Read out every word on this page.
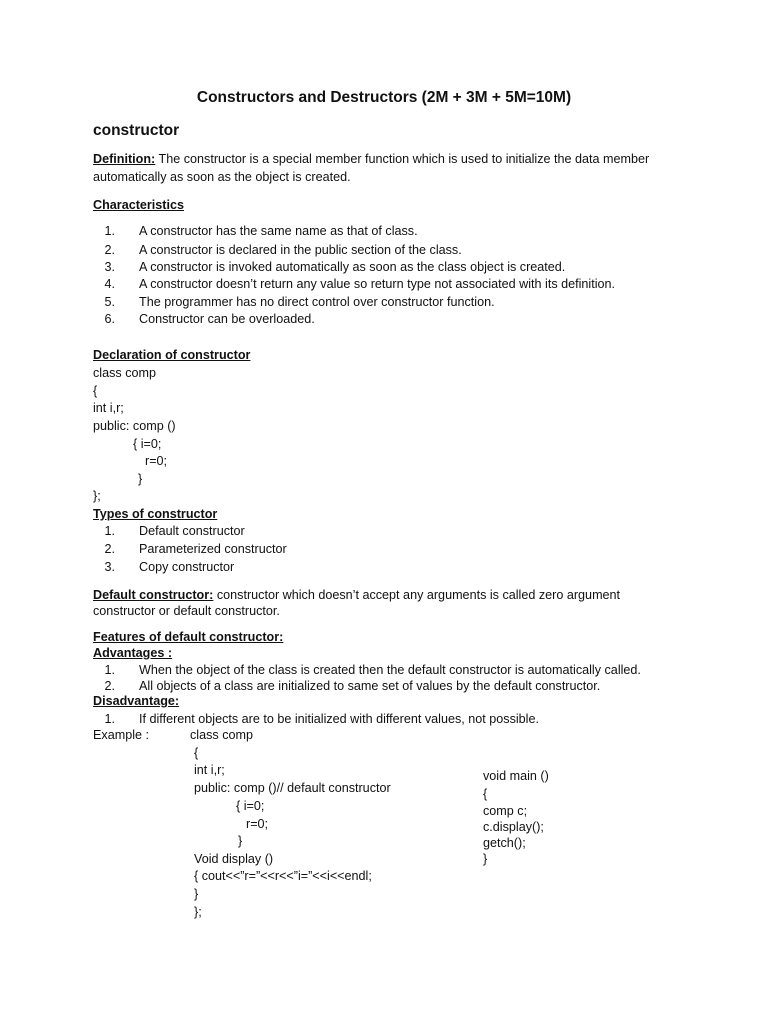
Constructors and Destructors (2M + 3M + 5M=10M)
constructor
Definition: The constructor is a special member function which is used to initialize the data member
automatically as soon as the object is created.
Characteristics
1. A constructor has the same name as that of class.
2. A constructor is declared in the public section of the class.
3. A constructor is invoked automatically as soon as the class object is created.
4. A constructor doesn’t return any value so return type not associated with its definition.
5. The programmer has no direct control over constructor function.
6. Constructor can be overloaded.
Declaration of constructor
class comp
{
int i,r;
public: comp ()
{ i=0;
r=0;
}
};
Types of constructor
1. Default constructor
2. Parameterized constructor
3. Copy constructor
Default constructor: constructor which doesn’t accept any arguments is called zero argument
constructor or default constructor.
Features of default constructor:
Advantages :
1. When the object of the class is created then the default constructor is automatically called.
2. All objects of a class are initialized to same set of values by the default constructor.
Disadvantage:
1. If different objects are to be initialized with different values, not possible.
Example :	class comp
{
int i,r;
public: comp ()// default constructor
{ i=0;
r=0;
}
Void display ()
{ cout<<”r=”<<r<<”i=”<<i<<endl;
}
};
void main ()
{
comp c;
c.display();
getch();
}
